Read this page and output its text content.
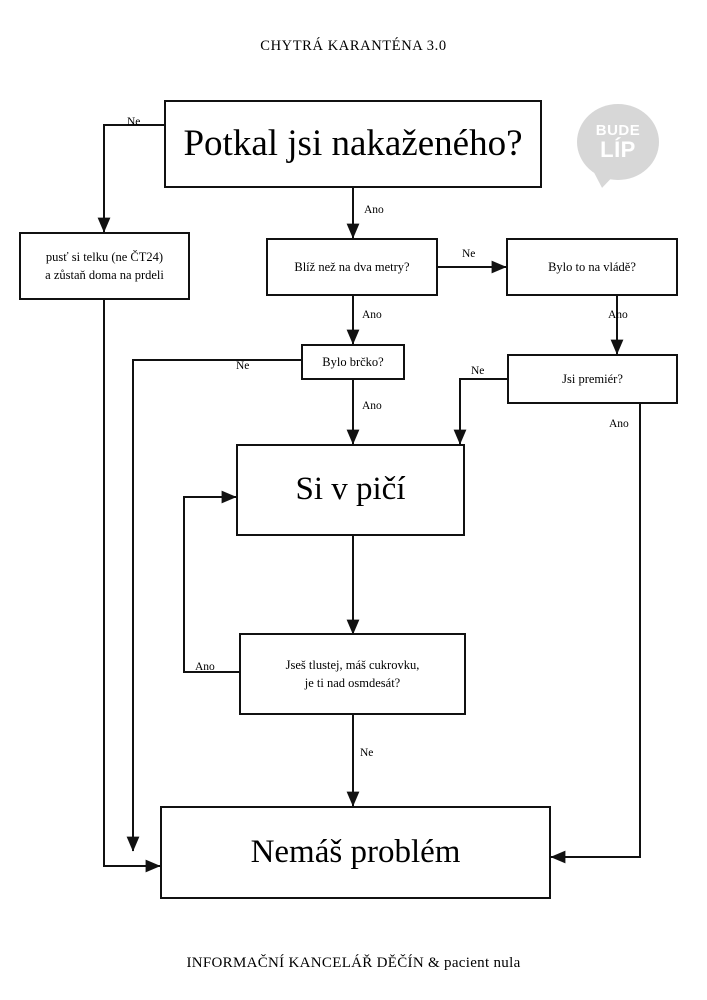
CHYTRÁ KARANTÉNA 3.0
Potkal jsi nakaženého?
pusť si telku (ne ČT24)
a zůstaň doma na prdeli
Blíž než na dva metry?	Bylo to na vládě?
Bylo brčko?
Jsi premiér?
Si v pičí
Jseš tlustej, máš cukrovku,
je ti nad osmdesát?
Nemáš problém
Ne
Ano
Ne
Ano	Ano
Ne
Ano
Ne
Ano
Ano
Ne
BUDE
LÍP
INFORMAČNÍ KANCELÁŘ DĚČÍN & pacient nula
